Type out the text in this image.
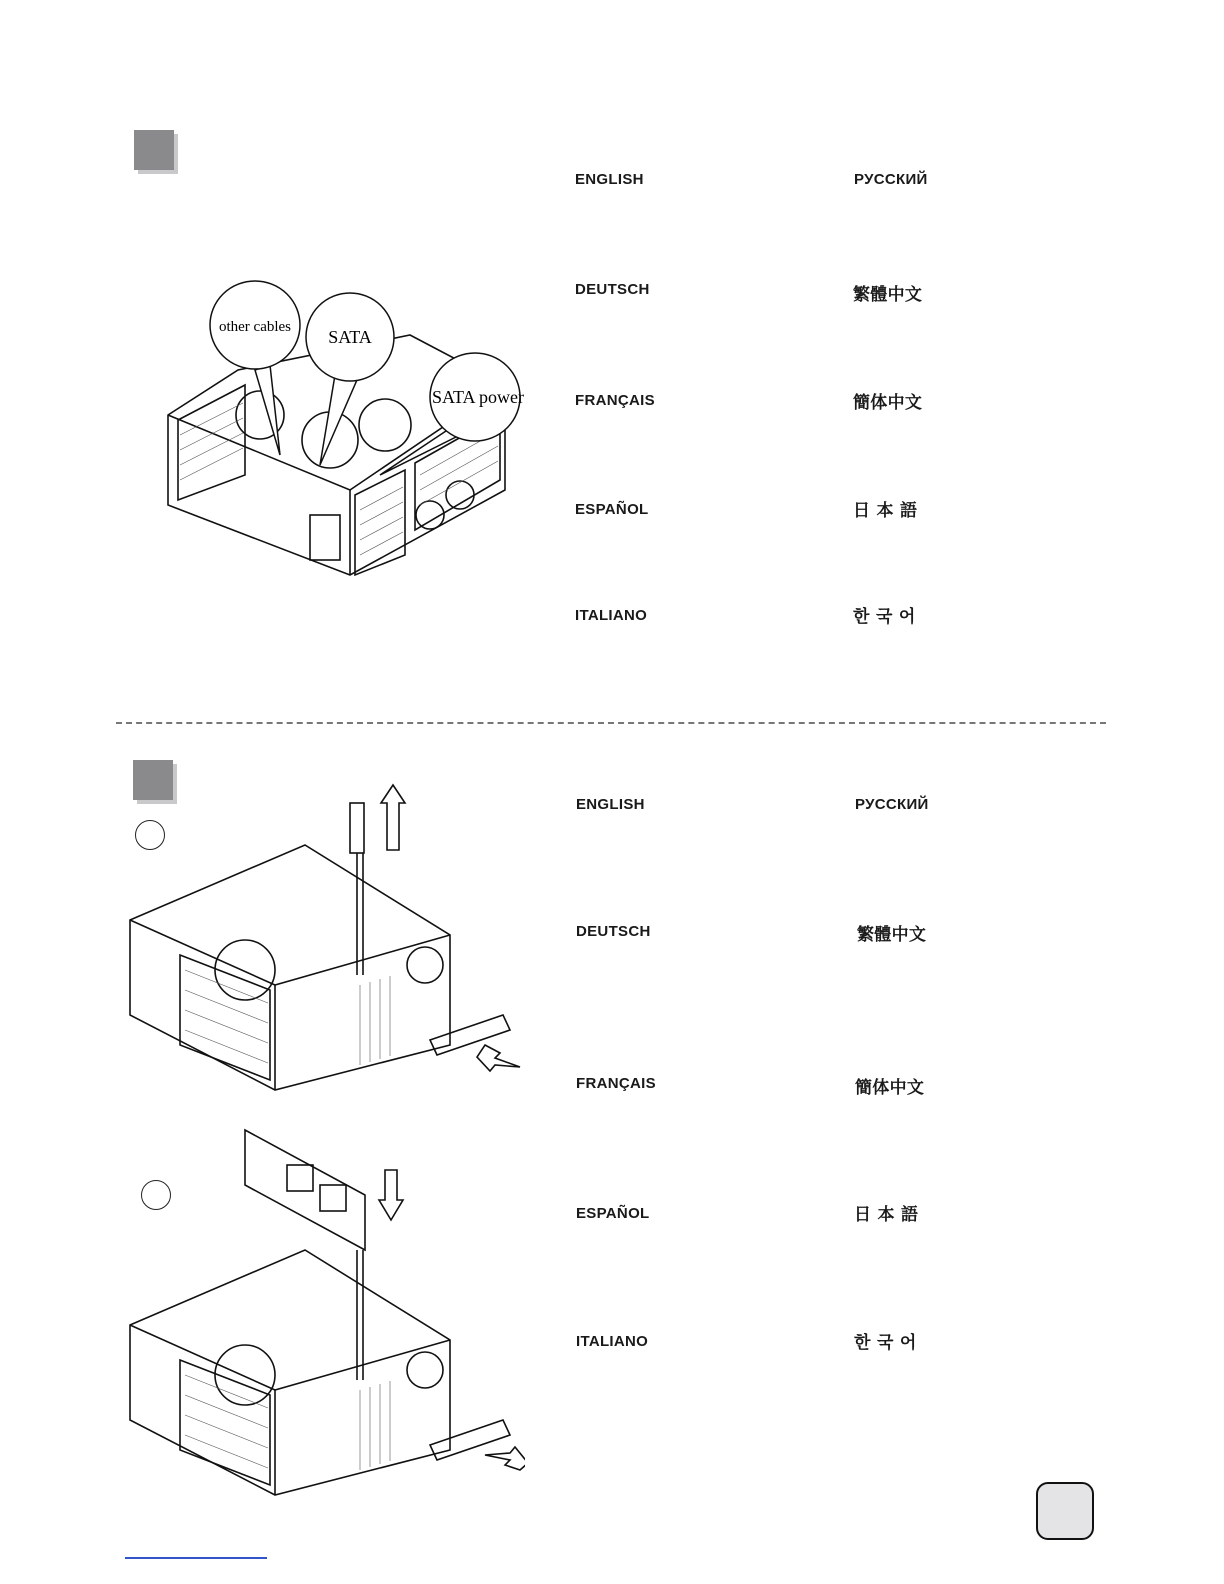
other cables SATA
SATA power
ENGLISH
DEUTSCH
FRANÇAIS
ESPAÑOL
ITALIANO
РУССКИЙ
繁體中文
簡体中文
日 本 語
한 국 어
ENGLISH
DEUTSCH
FRANÇAIS
ESPAÑOL
ITALIANO
РУССКИЙ
繁體中文
簡体中文
日 本 語
한 국 어
